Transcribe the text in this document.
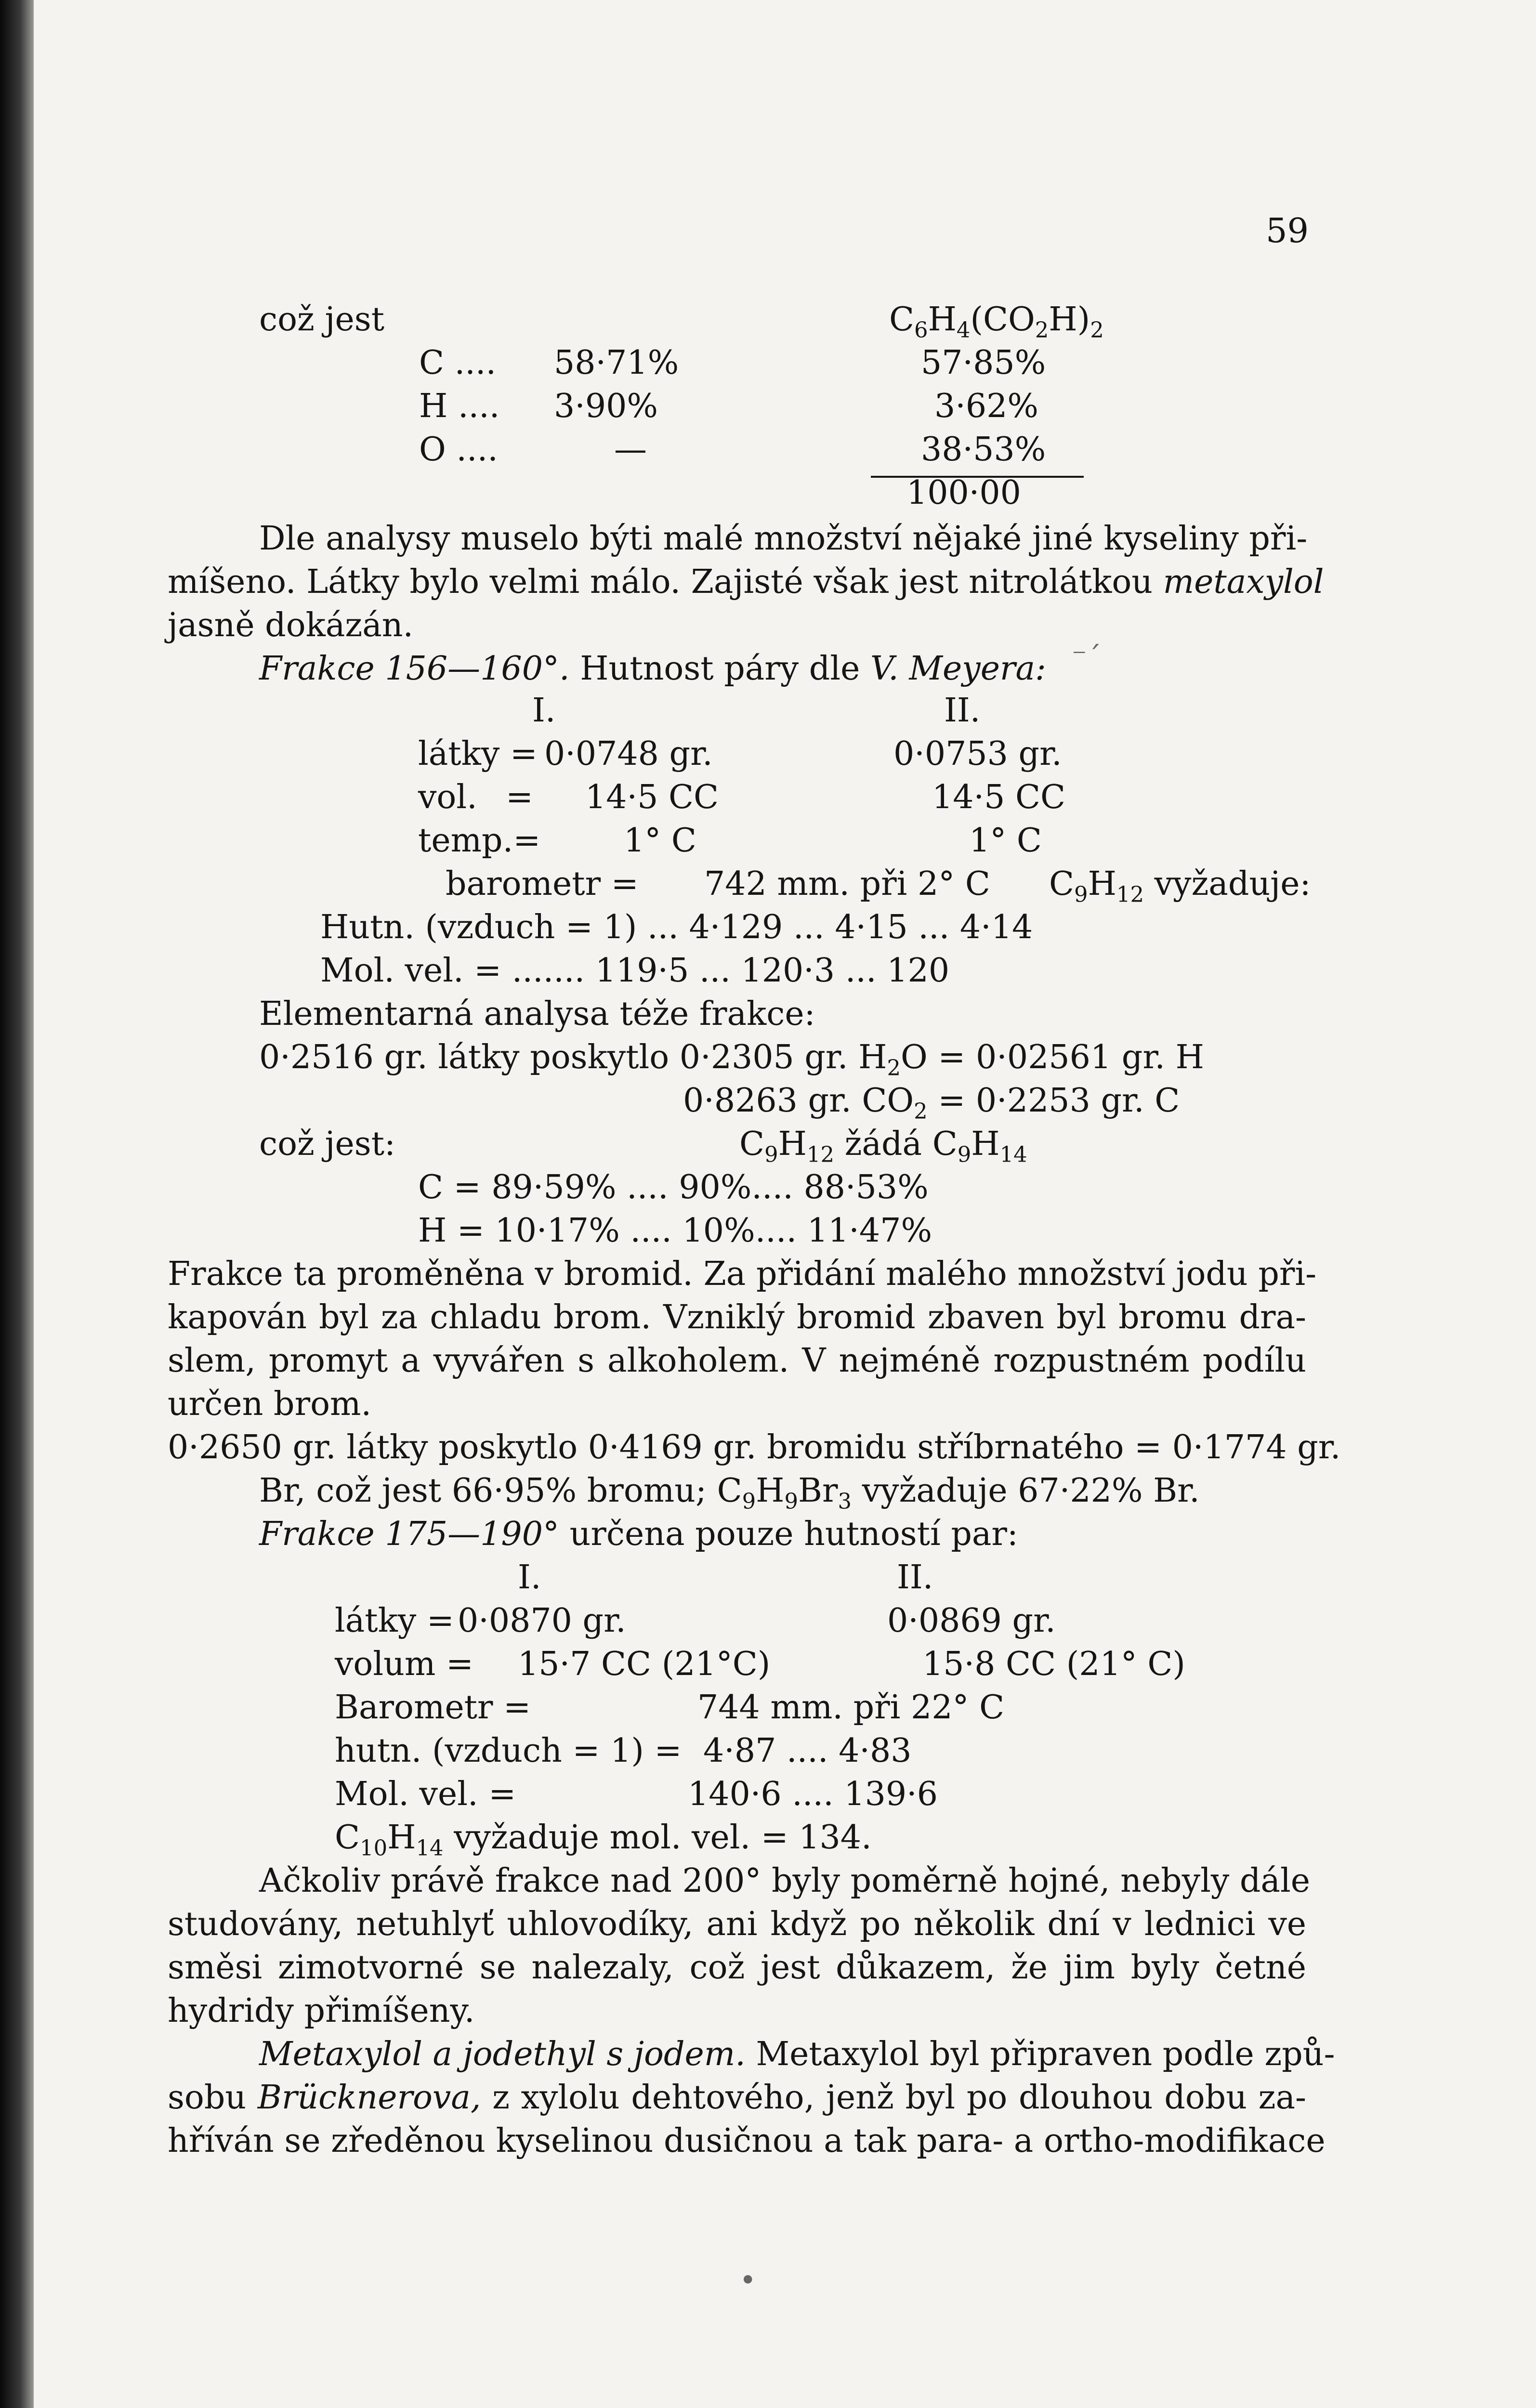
59
což jest	$C_6H_4(CO_2H)_2$
C .... 58·71%	57·85%
H .... 3·90%	3·62%
O ....	—	38·53%
100·00
Dle analysy muselo býti malé množství nějaké jiné kyseliny při-
míšeno. Látky bylo velmi málo. Zajisté však jest nitrolátkou metaxylol
jasně dokázán.
Frakce 156—160°. Hutnost páry dle V. Meyera: ⁻ˊ
I.	II.
látky = 0·0748 gr.	0·0753 gr.
vol. = 14·5 CC	14·5 CC
temp.=	1° C	1° C
barometr = 742 mm. při 2° C $C_9H_{12}$ vyžaduje:
Hutn. (vzduch = 1) ... 4·129 ... 4·15 ... 4·14
Mol. vel. = ....... 119·5 ... 120·3 ... 120
Elementarná analysa téže frakce:
0·2516 gr. látky poskytlo 0·2305 gr. $H_2O = 0\cdot 02561$ gr. H
0·8263 gr. $CO_2 = 0\cdot 2253$ gr. C
což jest:	$C_9H_{12}$ žádá $C_9H_{14}$
C = 89·59% .... 90%.... 88·53%
H = 10·17% .... 10%.... 11·47%
Frakce ta proměněna v bromid. Za přidání malého množství jodu při-
kapován byl za chladu brom. Vzniklý bromid zbaven byl bromu dra-
slem, promyt a vyvářen s alkoholem. V nejméně rozpustném podílu
určen brom.
0·2650 gr. látky poskytlo 0·4169 gr. bromidu stříbrnatého = 0·1774 gr.
Br, což jest 66·95% bromu; $C_9H_9Br_3$ vyžaduje 67·22% Br.
Frakce 175—190° určena pouze hutností par:
I.	II.
látky = 0·0870 gr.	0·0869 gr.
volum = 15·7 CC (21°C)	15·8 CC (21° C)
Barometr =	744 mm. při 22° C
hutn. (vzduch = 1) = 4·87 .... 4·83
Mol. vel. =	140·6 .... 139·6
$C_{10}H_{14}$ vyžaduje mol. vel. = 134.
Ačkoliv právě frakce nad 200° byly poměrně hojné, nebyly dále
studovány, netuhlyť uhlovodíky, ani když po několik dní v lednici ve
směsi zimotvorné se nalezaly, což jest důkazem, že jim byly četné
hydridy přimíšeny.
Metaxylol a jodethyl s jodem. Metaxylol byl připraven podle způ-
sobu Brücknerova, z xylolu dehtového, jenž byl po dlouhou dobu za-
hříván se zředěnou kyselinou dusičnou a tak para- a ortho-modifikace
•
